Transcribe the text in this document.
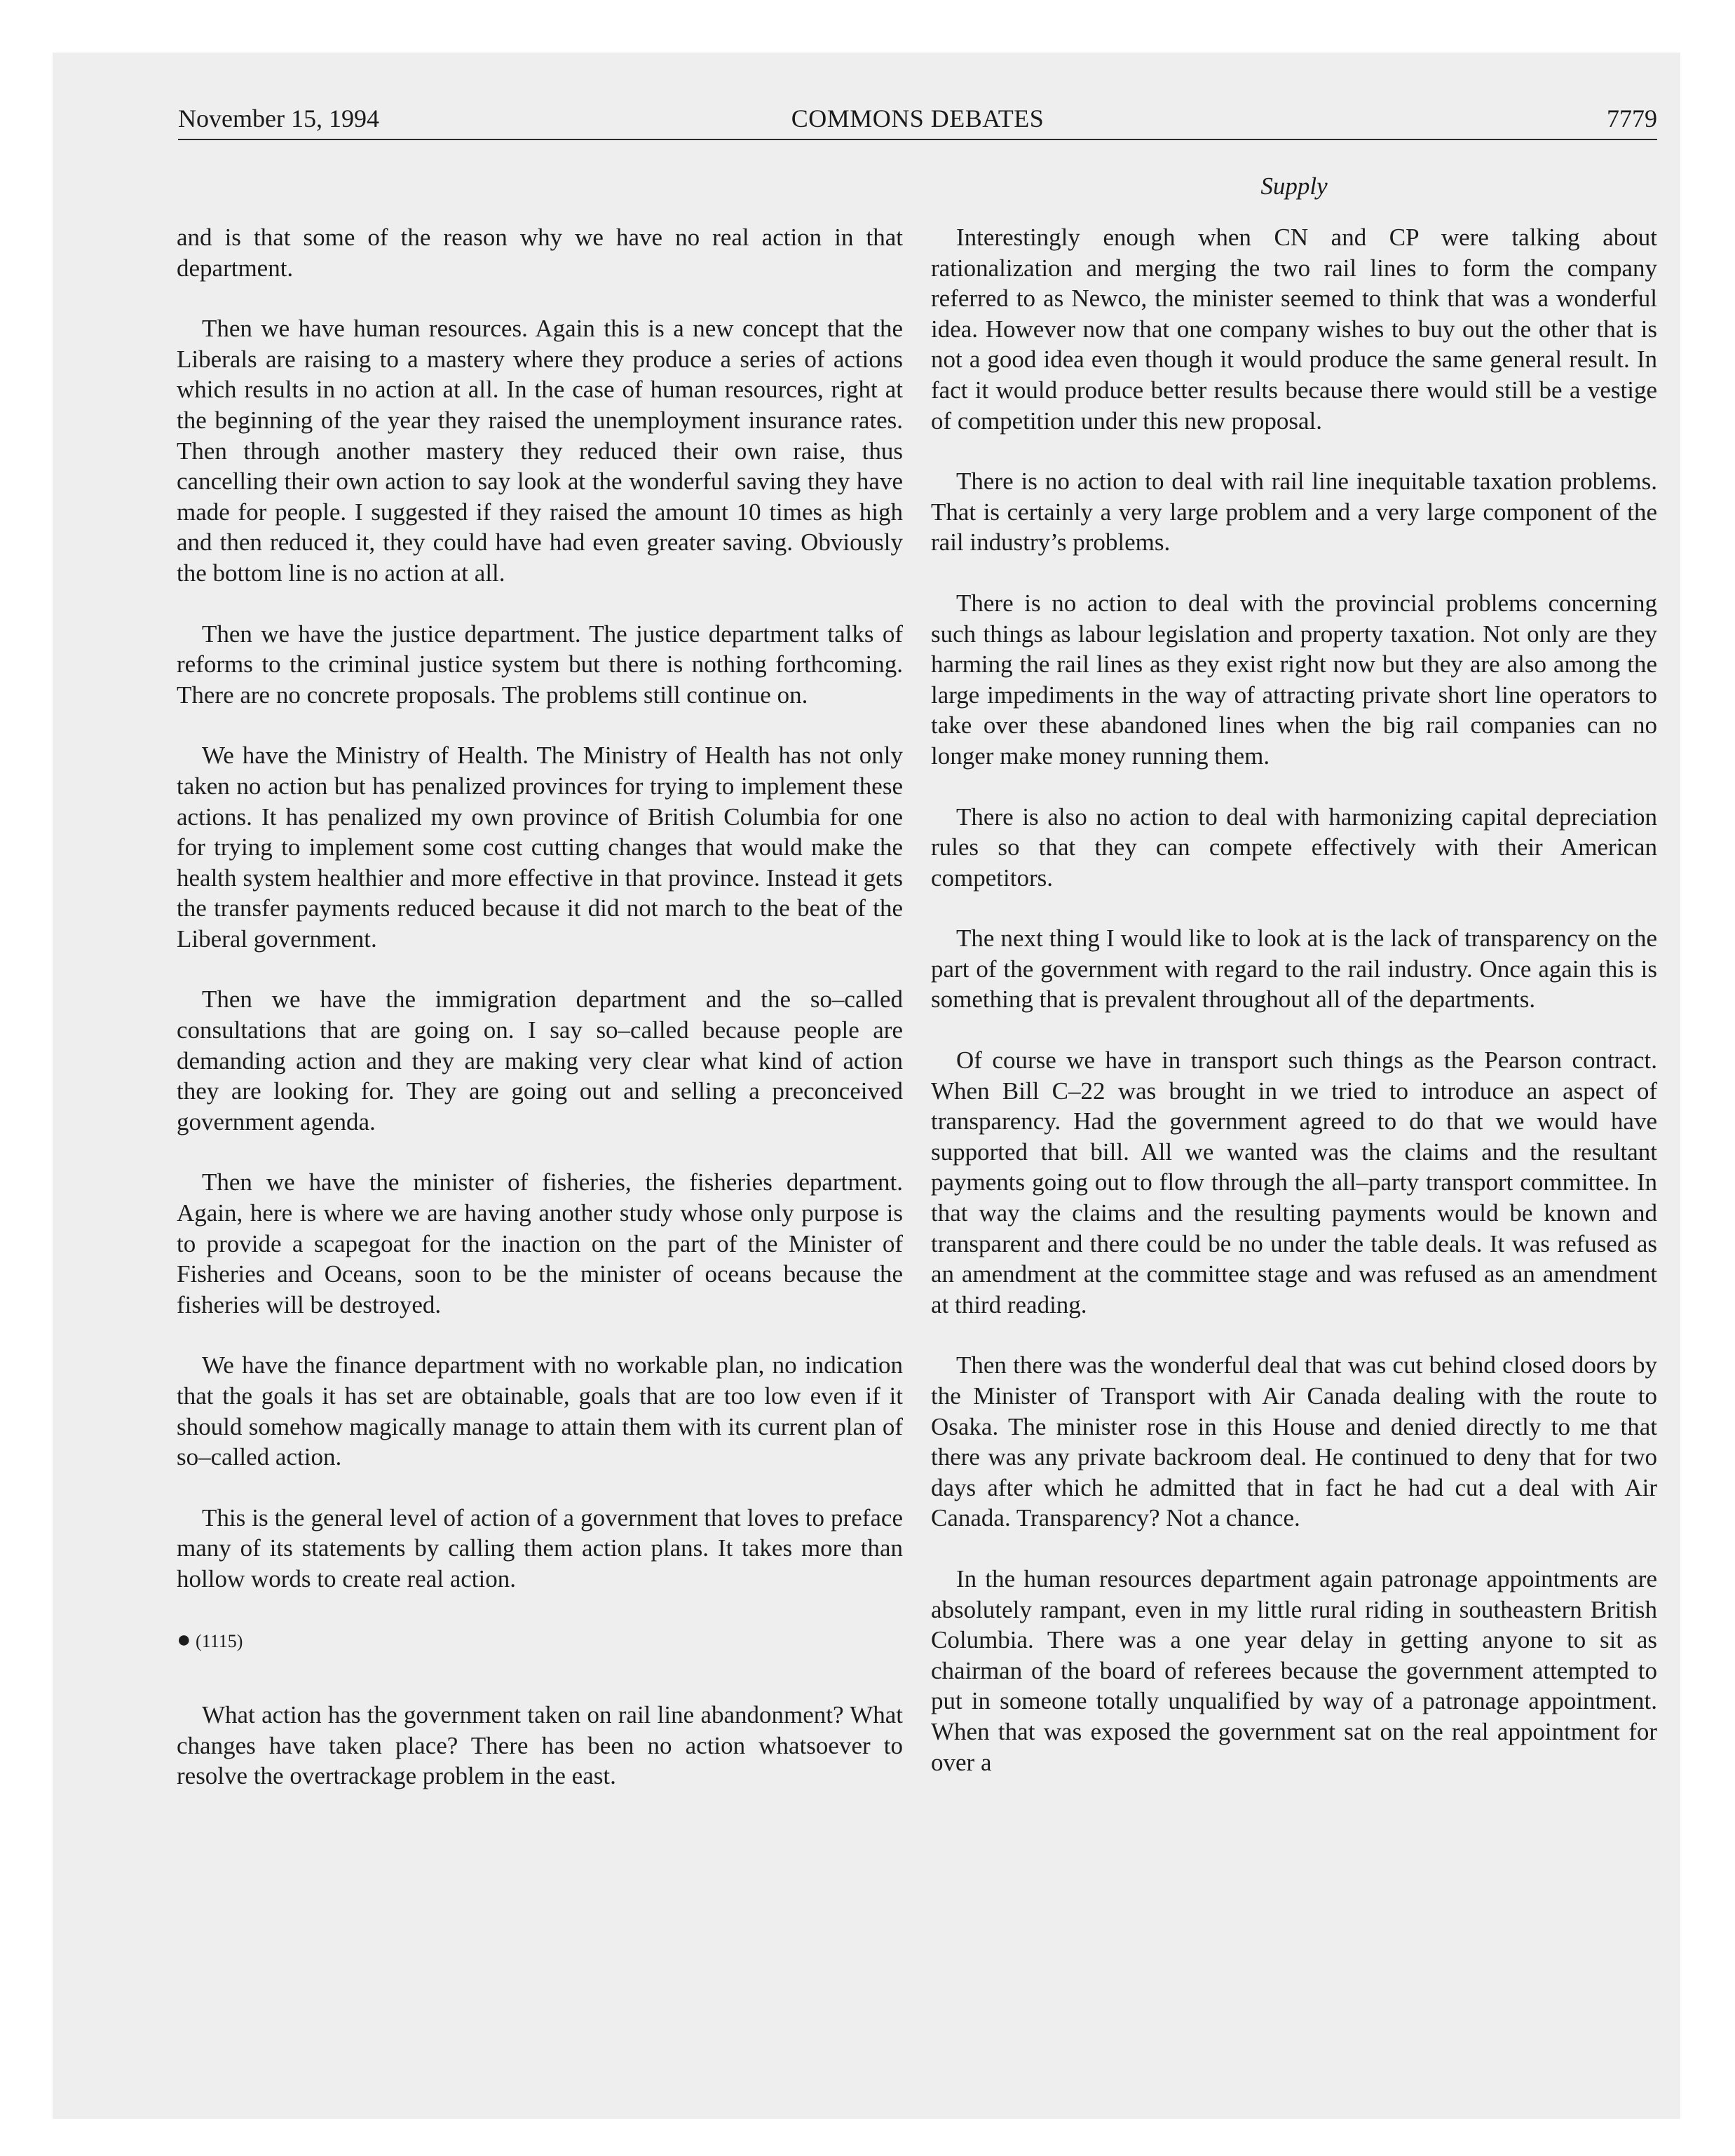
November 15, 1994	COMMONS DEBATES	7779
Supply

and is that some of the reason why we have no real action in that department.

Then we have human resources. Again this is a new concept that the Liberals are raising to a mastery where they produce a series of actions which results in no action at all. In the case of human resources, right at the beginning of the year they raised the unemployment insurance rates. Then through another mastery they reduced their own raise, thus cancelling their own action to say look at the wonderful saving they have made for people. I suggested if they raised the amount 10 times as high and then reduced it, they could have had even greater saving. Obviously the bottom line is no action at all.

Then we have the justice department. The justice department talks of reforms to the criminal justice system but there is nothing forthcoming. There are no concrete proposals. The problems still continue on.

We have the Ministry of Health. The Ministry of Health has not only taken no action but has penalized provinces for trying to implement these actions. It has penalized my own province of British Columbia for one for trying to implement some cost cutting changes that would make the health system healthier and more effective in that province. Instead it gets the transfer payments reduced because it did not march to the beat of the Liberal government.

Then we have the immigration department and the so–called consultations that are going on. I say so–called because people are demanding action and they are making very clear what kind of action they are looking for. They are going out and selling a preconceived government agenda.

Then we have the minister of fisheries, the fisheries department. Again, here is where we are having another study whose only purpose is to provide a scapegoat for the inaction on the part of the Minister of Fisheries and Oceans, soon to be the minister of oceans because the fisheries will be destroyed.

We have the finance department with no workable plan, no indication that the goals it has set are obtainable, goals that are too low even if it should somehow magically manage to attain them with its current plan of so–called action.

This is the general level of action of a government that loves to preface many of its statements by calling them action plans. It takes more than hollow words to create real action.

● (1115)

What action has the government taken on rail line abandonment? What changes have taken place? There has been no action whatsoever to resolve the overtrackage problem in the east.

Interestingly enough when CN and CP were talking about rationalization and merging the two rail lines to form the company referred to as Newco, the minister seemed to think that was a wonderful idea. However now that one company wishes to buy out the other that is not a good idea even though it would produce the same general result. In fact it would produce better results because there would still be a vestige of competition under this new proposal.

There is no action to deal with rail line inequitable taxation problems. That is certainly a very large problem and a very large component of the rail industry’s problems.

There is no action to deal with the provincial problems concerning such things as labour legislation and property taxation. Not only are they harming the rail lines as they exist right now but they are also among the large impediments in the way of attracting private short line operators to take over these abandoned lines when the big rail companies can no longer make money running them.

There is also no action to deal with harmonizing capital depreciation rules so that they can compete effectively with their American competitors.

The next thing I would like to look at is the lack of transparency on the part of the government with regard to the rail industry. Once again this is something that is prevalent throughout all of the departments.

Of course we have in transport such things as the Pearson contract. When Bill C–22 was brought in we tried to introduce an aspect of transparency. Had the government agreed to do that we would have supported that bill. All we wanted was the claims and the resultant payments going out to flow through the all–party transport committee. In that way the claims and the resulting payments would be known and transparent and there could be no under the table deals. It was refused as an amendment at the committee stage and was refused as an amendment at third reading.

Then there was the wonderful deal that was cut behind closed doors by the Minister of Transport with Air Canada dealing with the route to Osaka. The minister rose in this House and denied directly to me that there was any private backroom deal. He continued to deny that for two days after which he admitted that in fact he had cut a deal with Air Canada. Transparency? Not a chance.

In the human resources department again patronage appointments are absolutely rampant, even in my little rural riding in southeastern British Columbia. There was a one year delay in getting anyone to sit as chairman of the board of referees because the government attempted to put in someone totally unqualified by way of a patronage appointment. When that was exposed the government sat on the real appointment for over a
